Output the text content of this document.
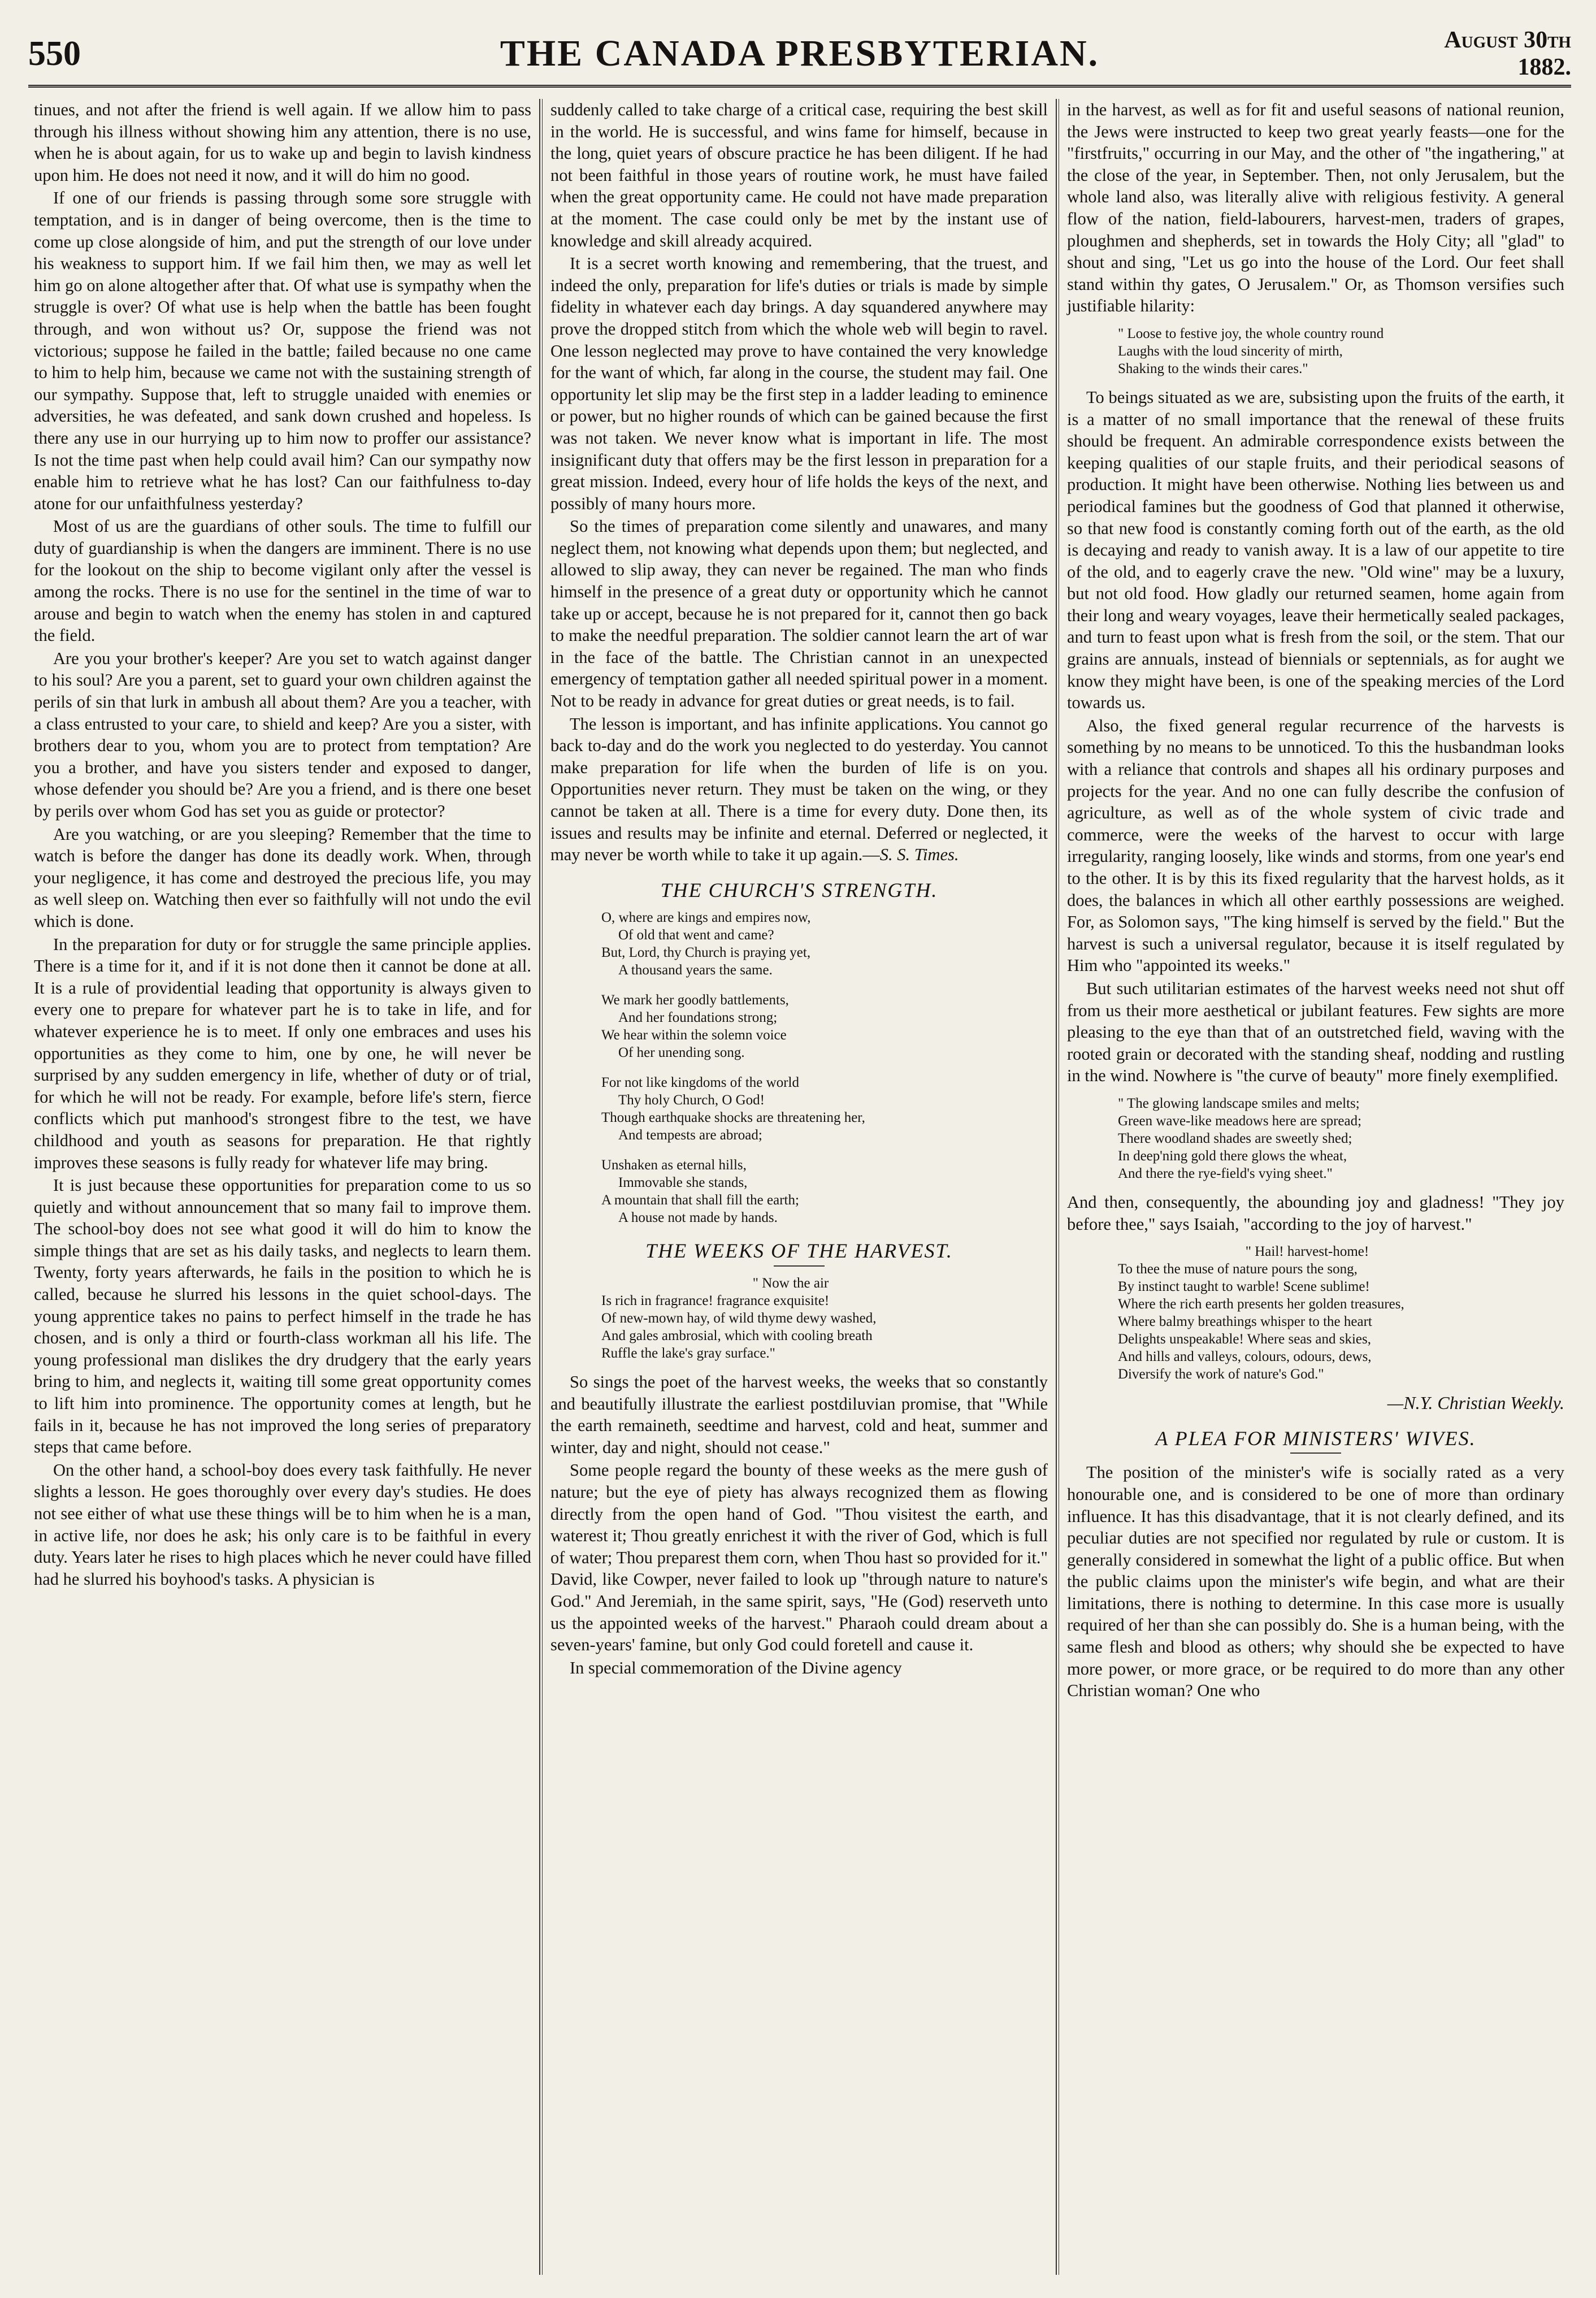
550	THE CANADA PRESBYTERIAN.	August 30th 1882.

tinues, and not after the friend is well again. If we allow him to pass through his illness without showing him any attention, there is no use, when he is about again, for us to wake up and begin to lavish kindness upon him. He does not need it now, and it will do him no good.

If one of our friends is passing through some sore struggle with temptation, and is in danger of being overcome, then is the time to come up close alongside of him, and put the strength of our love under his weakness to support him. If we fail him then, we may as well let him go on alone altogether after that. Of what use is sympathy when the struggle is over? Of what use is help when the battle has been fought through, and won without us? Or, suppose the friend was not victorious; suppose he failed in the battle; failed because no one came to him to help him, because we came not with the sustaining strength of our sympathy. Suppose that, left to struggle unaided with enemies or adversities, he was defeated, and sank down crushed and hopeless. Is there any use in our hurrying up to him now to proffer our assistance? Is not the time past when help could avail him? Can our sympathy now enable him to retrieve what he has lost? Can our faithfulness to-day atone for our unfaithfulness yesterday?

Most of us are the guardians of other souls. The time to fulfill our duty of guardianship is when the dangers are imminent. There is no use for the lookout on the ship to become vigilant only after the vessel is among the rocks. There is no use for the sentinel in the time of war to arouse and begin to watch when the enemy has stolen in and captured the field.

Are you your brother's keeper? Are you set to watch against danger to his soul? Are you a parent, set to guard your own children against the perils of sin that lurk in ambush all about them? Are you a teacher, with a class entrusted to your care, to shield and keep? Are you a sister, with brothers dear to you, whom you are to protect from temptation? Are you a brother, and have you sisters tender and exposed to danger, whose defender you should be? Are you a friend, and is there one beset by perils over whom God has set you as guide or protector?

Are you watching, or are you sleeping? Remember that the time to watch is before the danger has done its deadly work. When, through your negligence, it has come and destroyed the precious life, you may as well sleep on. Watching then ever so faithfully will not undo the evil which is done.

In the preparation for duty or for struggle the same principle applies. There is a time for it, and if it is not done then it cannot be done at all. It is a rule of providential leading that opportunity is always given to every one to prepare for whatever part he is to take in life, and for whatever experience he is to meet. If only one embraces and uses his opportunities as they come to him, one by one, he will never be surprised by any sudden emergency in life, whether of duty or of trial, for which he will not be ready. For example, before life's stern, fierce conflicts which put manhood's strongest fibre to the test, we have childhood and youth as seasons for preparation. He that rightly improves these seasons is fully ready for whatever life may bring.

It is just because these opportunities for preparation come to us so quietly and without announcement that so many fail to improve them. The school-boy does not see what good it will do him to know the simple things that are set as his daily tasks, and neglects to learn them. Twenty, forty years afterwards, he fails in the position to which he is called, because he slurred his lessons in the quiet school-days. The young apprentice takes no pains to perfect himself in the trade he has chosen, and is only a third or fourth-class workman all his life. The young professional man dislikes the dry drudgery that the early years bring to him, and neglects it, waiting till some great opportunity comes to lift him into prominence. The opportunity comes at length, but he fails in it, because he has not improved the long series of preparatory steps that came before.

On the other hand, a school-boy does every task faithfully. He never slights a lesson. He goes thoroughly over every day's studies. He does not see either of what use these things will be to him when he is a man, in active life, nor does he ask; his only care is to be faithful in every duty. Years later he rises to high places which he never could have filled had he slurred his boyhood's tasks. A physician is

suddenly called to take charge of a critical case, requiring the best skill in the world. He is successful, and wins fame for himself, because in the long, quiet years of obscure practice he has been diligent. If he had not been faithful in those years of routine work, he must have failed when the great opportunity came. He could not have made preparation at the moment. The case could only be met by the instant use of knowledge and skill already acquired.

It is a secret worth knowing and remembering, that the truest, and indeed the only, preparation for life's duties or trials is made by simple fidelity in whatever each day brings. A day squandered anywhere may prove the dropped stitch from which the whole web will begin to ravel. One lesson neglected may prove to have contained the very knowledge for the want of which, far along in the course, the student may fail. One opportunity let slip may be the first step in a ladder leading to eminence or power, but no higher rounds of which can be gained because the first was not taken. We never know what is important in life. The most insignificant duty that offers may be the first lesson in preparation for a great mission. Indeed, every hour of life holds the keys of the next, and possibly of many hours more.

So the times of preparation come silently and unawares, and many neglect them, not knowing what depends upon them; but neglected, and allowed to slip away, they can never be regained. The man who finds himself in the presence of a great duty or opportunity which he cannot take up or accept, because he is not prepared for it, cannot then go back to make the needful preparation. The soldier cannot learn the art of war in the face of the battle. The Christian cannot in an unexpected emergency of temptation gather all needed spiritual power in a moment. Not to be ready in advance for great duties or great needs, is to fail.

The lesson is important, and has infinite applications. You cannot go back to-day and do the work you neglected to do yesterday. You cannot make preparation for life when the burden of life is on you. Opportunities never return. They must be taken on the wing, or they cannot be taken at all. There is a time for every duty. Done then, its issues and results may be infinite and eternal. Deferred or neglected, it may never be worth while to take it up again.—S. S. Times.

THE CHURCH'S STRENGTH.
O, where are kings and empires now,
Of old that went and came?
But, Lord, thy Church is praying yet,
A thousand years the same.
We mark her goodly battlements,
And her foundations strong;
We hear within the solemn voice
Of her unending song.
For not like kingdoms of the world
Thy holy Church, O God!
Though earthquake shocks are threatening her,
And tempests are abroad;
Unshaken as eternal hills,
Immovable she stands,
A mountain that shall fill the earth;
A house not made by hands.
THE WEEKS OF THE HARVEST.
" Now the air
Is rich in fragrance! fragrance exquisite!
Of new-mown hay, of wild thyme dewy washed,
And gales ambrosial, which with cooling breath
Ruffle the lake's gray surface."

So sings the poet of the harvest weeks, the weeks that so constantly and beautifully illustrate the earliest postdiluvian promise, that "While the earth remaineth, seedtime and harvest, cold and heat, summer and winter, day and night, should not cease."

Some people regard the bounty of these weeks as the mere gush of nature; but the eye of piety has always recognized them as flowing directly from the open hand of God. "Thou visitest the earth, and waterest it; Thou greatly enrichest it with the river of God, which is full of water; Thou preparest them corn, when Thou hast so provided for it." David, like Cowper, never failed to look up "through nature to nature's God." And Jeremiah, in the same spirit, says, "He (God) reserveth unto us the appointed weeks of the harvest." Pharaoh could dream about a seven-years' famine, but only God could foretell and cause it.

In special commemoration of the Divine agency

in the harvest, as well as for fit and useful seasons of national reunion, the Jews were instructed to keep two great yearly feasts—one for the "firstfruits," occurring in our May, and the other of "the ingathering," at the close of the year, in September. Then, not only Jerusalem, but the whole land also, was literally alive with religious festivity. A general flow of the nation, field-labourers, harvest-men, traders of grapes, ploughmen and shepherds, set in towards the Holy City; all "glad" to shout and sing, "Let us go into the house of the Lord. Our feet shall stand within thy gates, O Jerusalem." Or, as Thomson versifies such justifiable hilarity:

" Loose to festive joy, the whole country round
Laughs with the loud sincerity of mirth,
Shaking to the winds their cares."

To beings situated as we are, subsisting upon the fruits of the earth, it is a matter of no small importance that the renewal of these fruits should be frequent. An admirable correspondence exists between the keeping qualities of our staple fruits, and their periodical seasons of production. It might have been otherwise. Nothing lies between us and periodical famines but the goodness of God that planned it otherwise, so that new food is constantly coming forth out of the earth, as the old is decaying and ready to vanish away. It is a law of our appetite to tire of the old, and to eagerly crave the new. "Old wine" may be a luxury, but not old food. How gladly our returned seamen, home again from their long and weary voyages, leave their hermetically sealed packages, and turn to feast upon what is fresh from the soil, or the stem. That our grains are annuals, instead of biennials or septennials, as for aught we know they might have been, is one of the speaking mercies of the Lord towards us.

Also, the fixed general regular recurrence of the harvests is something by no means to be unnoticed. To this the husbandman looks with a reliance that controls and shapes all his ordinary purposes and projects for the year. And no one can fully describe the confusion of agriculture, as well as of the whole system of civic trade and commerce, were the weeks of the harvest to occur with large irregularity, ranging loosely, like winds and storms, from one year's end to the other. It is by this its fixed regularity that the harvest holds, as it does, the balances in which all other earthly possessions are weighed. For, as Solomon says, "The king himself is served by the field." But the harvest is such a universal regulator, because it is itself regulated by Him who "appointed its weeks."

But such utilitarian estimates of the harvest weeks need not shut off from us their more aesthetical or jubilant features. Few sights are more pleasing to the eye than that of an outstretched field, waving with the rooted grain or decorated with the standing sheaf, nodding and rustling in the wind. Nowhere is "the curve of beauty" more finely exemplified.

" The glowing landscape smiles and melts;
Green wave-like meadows here are spread;
There woodland shades are sweetly shed;
In deep'ning gold there glows the wheat,
And there the rye-field's vying sheet."

And then, consequently, the abounding joy and gladness! "They joy before thee," says Isaiah, "according to the joy of harvest."

" Hail! harvest-home!
To thee the muse of nature pours the song,
By instinct taught to warble! Scene sublime!
Where the rich earth presents her golden treasures,
Where balmy breathings whisper to the heart
Delights unspeakable! Where seas and skies,
And hills and valleys, colours, odours, dews,
Diversify the work of nature's God."
—N.Y. Christian Weekly.
A PLEA FOR MINISTERS' WIVES.

The position of the minister's wife is socially rated as a very honourable one, and is considered to be one of more than ordinary influence. It has this disadvantage, that it is not clearly defined, and its peculiar duties are not specified nor regulated by rule or custom. It is generally considered in somewhat the light of a public office. But when the public claims upon the minister's wife begin, and what are their limitations, there is nothing to determine. In this case more is usually required of her than she can possibly do. She is a human being, with the same flesh and blood as others; why should she be expected to have more power, or more grace, or be required to do more than any other Christian woman? One who
